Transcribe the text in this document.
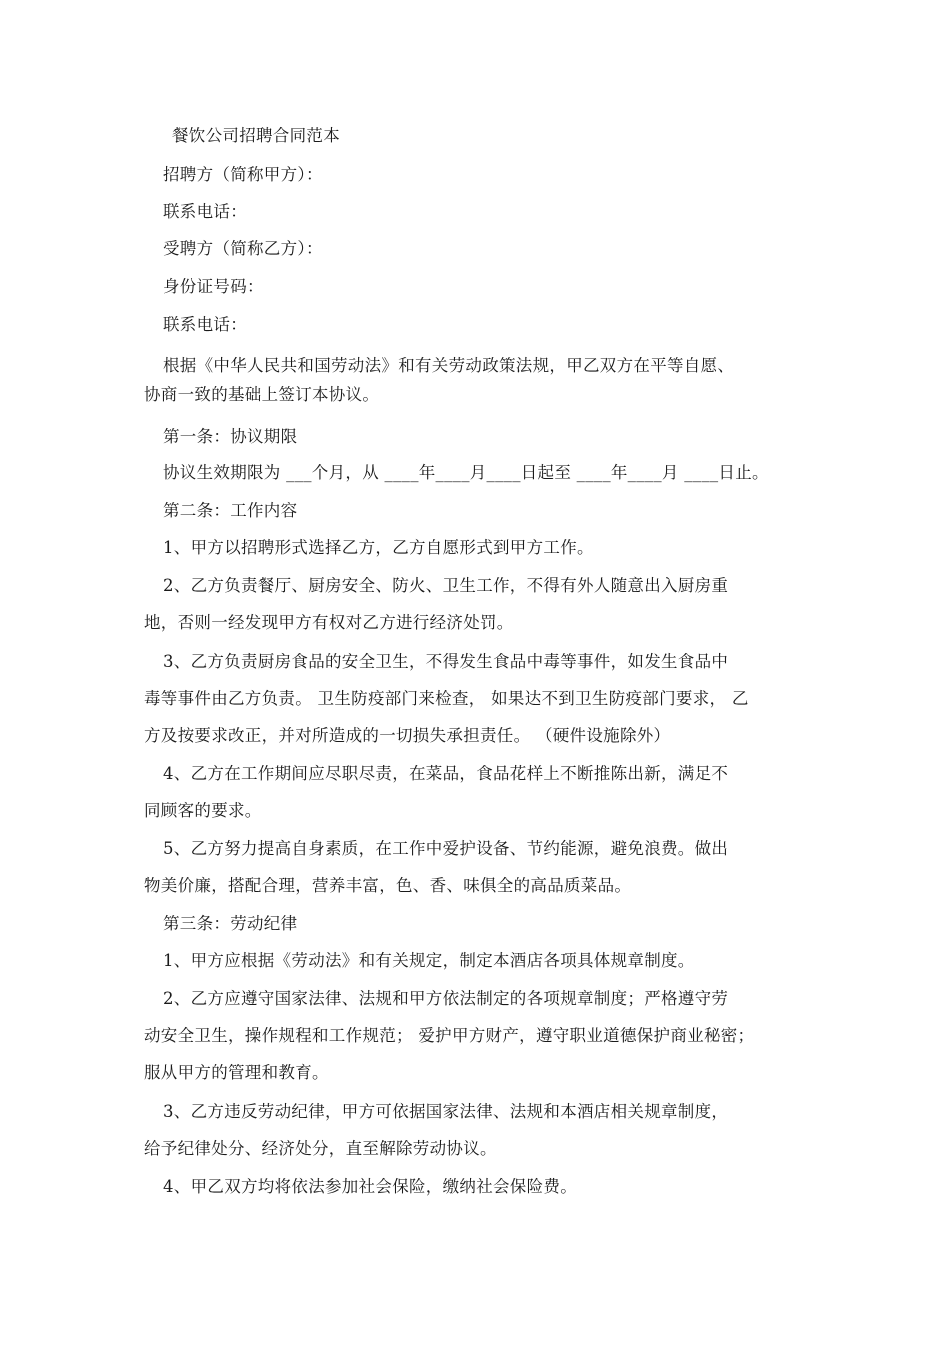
餐饮公司招聘合同范本
招聘方（简称甲方）：
联系电话：
受聘方（简称乙方）：
身份证号码：
联系电话：
根据《中华人民共和国劳动法》和有关劳动政策法规，甲乙双方在平等自愿、
协商一致的基础上签订本协议。
第一条：协议期限
协议生效期限为 ___个月，从 ____年____月____日起至 ____年____月 ____日止。
第二条：工作内容
1、甲方以招聘形式选择乙方，乙方自愿形式到甲方工作。
2、乙方负责餐厅、厨房安全、防火、卫生工作，不得有外人随意出入厨房重
地，否则一经发现甲方有权对乙方进行经济处罚。
3、乙方负责厨房食品的安全卫生，不得发生食品中毒等事件，如发生食品中
毒等事件由乙方负责。 卫生防疫部门来检查， 如果达不到卫生防疫部门要求， 乙
方及按要求改正，并对所造成的一切损失承担责任。 （硬件设施除外）
4、乙方在工作期间应尽职尽责，在菜品，食品花样上不断推陈出新，满足不
同顾客的要求。
5、乙方努力提高自身素质，在工作中爱护设备、节约能源，避免浪费。做出
物美价廉，搭配合理，营养丰富，色、香、味俱全的高品质菜品。
第三条：劳动纪律
1、甲方应根据《劳动法》和有关规定，制定本酒店各项具体规章制度。
2、乙方应遵守国家法律、法规和甲方依法制定的各项规章制度；严格遵守劳
动安全卫生，操作规程和工作规范； 爱护甲方财产，遵守职业道德保护商业秘密；
服从甲方的管理和教育。
3、乙方违反劳动纪律，甲方可依据国家法律、法规和本酒店相关规章制度，
给予纪律处分、经济处分，直至解除劳动协议。
4、甲乙双方均将依法参加社会保险，缴纳社会保险费。
